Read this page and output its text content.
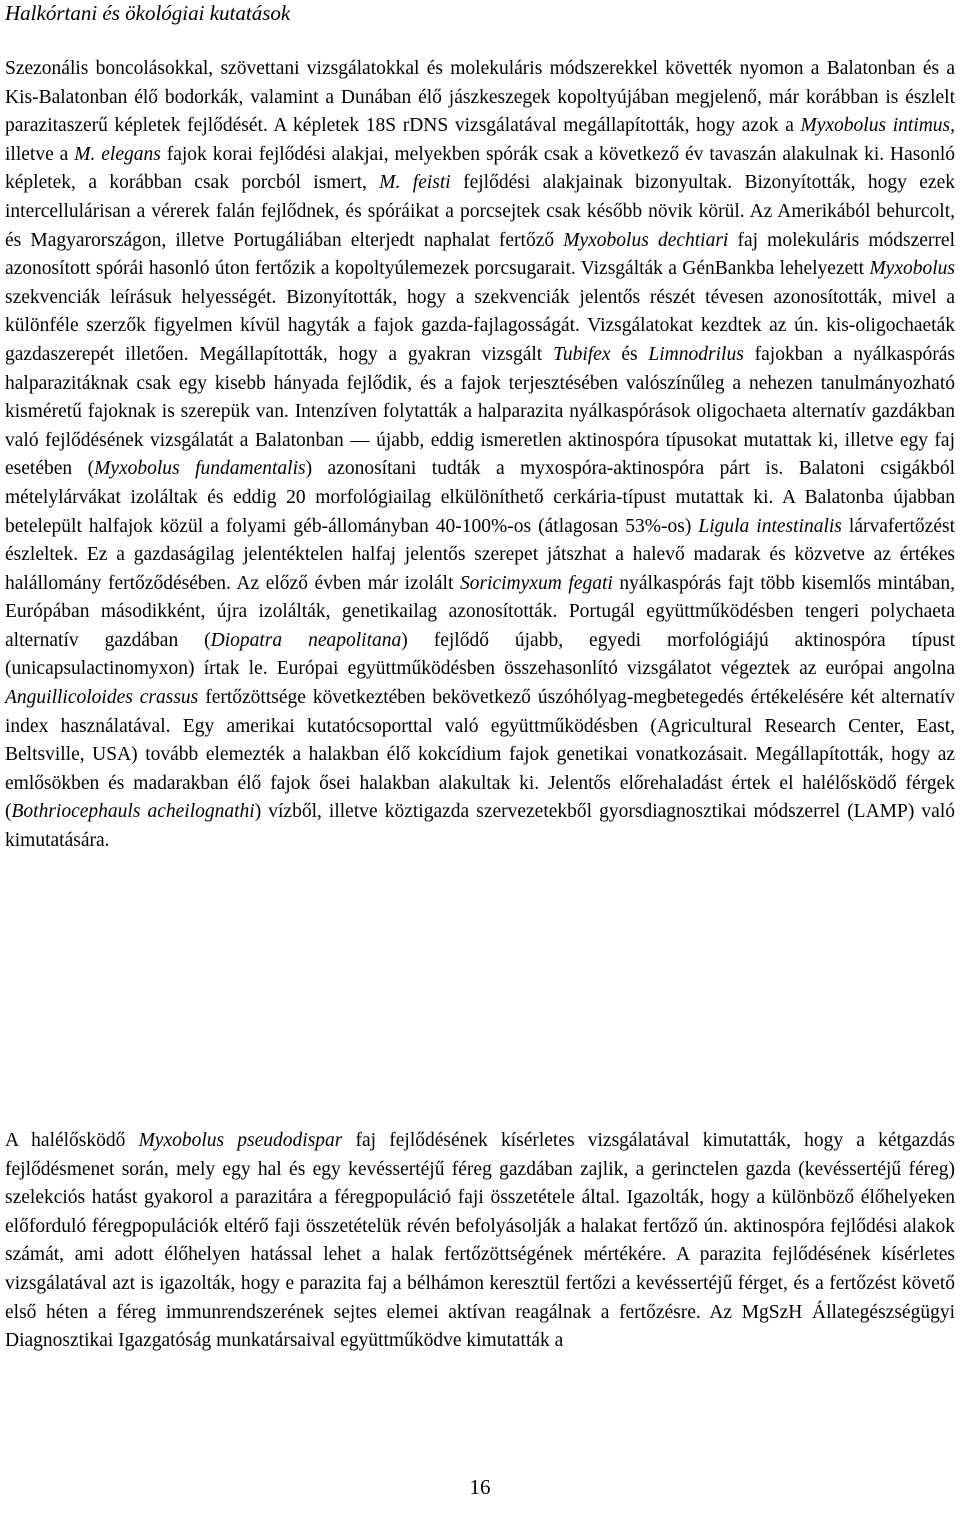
Halkórtani és ökológiai kutatások

Szezonális boncolásokkal, szövettani vizsgálatokkal és molekuláris módszerekkel követték nyomon a Balatonban és a Kis-Balatonban élő bodorkák, valamint a Dunában élő jászkeszegek kopoltyújában megjelenő, már korábban is észlelt parazitaszerű képletek fejlődését. A képletek 18S rDNS vizsgálatával megállapították, hogy azok a Myxobolus intimus, illetve a M. elegans fajok korai fejlődési alakjai, melyekben spórák csak a következő év tavaszán alakulnak ki. Hasonló képletek, a korábban csak porcból ismert, M. feisti fejlődési alakjainak bizonyultak. Bizonyították, hogy ezek intercellulárisan a vérerek falán fejlődnek, és spóráikat a porcsejtek csak később növik körül. Az Amerikából behurcolt, és Magyarországon, illetve Portugáliában elterjedt naphalat fertőző Myxobolus dechtiari faj molekuláris módszerrel azonosított spórái hasonló úton fertőzik a kopoltyúlemezek porcsugarait. Vizsgálták a GénBankba lehelyezett Myxobolus szekvenciák leírásuk helyességét. Bizonyították, hogy a szekvenciák jelentős részét tévesen azonosították, mivel a különféle szerzők figyelmen kívül hagyták a fajok gazda-fajlagosságát. Vizsgálatokat kezdtek az ún. kis-oligochaeták gazdaszerepét illetően. Megállapították, hogy a gyakran vizsgált Tubifex és Limnodrilus fajokban a nyálkaspórás halparazitáknak csak egy kisebb hányada fejlődik, és a fajok terjesztésében valószínűleg a nehezen tanulmányozható kisméretű fajoknak is szerepük van. Intenzíven folytatták a halparazita nyálkaspórások oligochaeta alternatív gazdákban való fejlődésének vizsgálatát a Balatonban — újabb, eddig ismeretlen aktinospóra típusokat mutattak ki, illetve egy faj esetében (Myxobolus fundamentalis) azonosítani tudták a myxospóra-aktinospóra párt is. Balatoni csigákból mételylárvákat izoláltak és eddig 20 morfológiailag elkülöníthető cerkária-típust mutattak ki. A Balatonba újabban betelepült halfajok közül a folyami géb-állományban 40-100%-os (átlagosan 53%-os) Ligula intestinalis lárvafertőzést észleltek. Ez a gazdaságilag jelentéktelen halfaj jelentős szerepet játszhat a halevő madarak és közvetve az értékes halállomány fertőződésében. Az előző évben már izolált Soricimyxum fegati nyálkaspórás fajt több kisemlős mintában, Európában másodikként, újra izolálták, genetikailag azonosították. Portugál együttműködésben tengeri polychaeta alternatív gazdában (Diopatra neapolitana) fejlődő újabb, egyedi morfológiájú aktinospóra típust (unicapsulactinomyxon) írtak le. Európai együttműködésben összehasonlító vizsgálatot végeztek az európai angolna Anguillicoloides crassus fertőzöttsége következtében bekövetkező úszóhólyag-megbetegedés értékelésére két alternatív index használatával. Egy amerikai kutatócsoporttal való együttműködésben (Agricultural Research Center, East, Beltsville, USA) tovább elemezték a halakban élő kokcídium fajok genetikai vonatkozásait. Megállapították, hogy az emlősökben és madarakban élő fajok ősei halakban alakultak ki. Jelentős előrehaladást értek el halélősködő férgek (Bothriocephauls acheilognathi) vízből, illetve köztigazda szervezetekből gyorsdiagnosztikai módszerrel (LAMP) való kimutatására.

A halélősködő Myxobolus pseudodispar faj fejlődésének kísérletes vizsgálatával kimutatták, hogy a kétgazdás fejlődésmenet során, mely egy hal és egy kevéssertéjű féreg gazdában zajlik, a gerinctelen gazda (kevéssertéjű féreg) szelekciós hatást gyakorol a parazitára a féregpopuláció faji összetétele által. Igazolták, hogy a különböző élőhelyeken előforduló féregpopulációk eltérő faji összetételük révén befolyásolják a halakat fertőző ún. aktinospóra fejlődési alakok számát, ami adott élőhelyen hatással lehet a halak fertőzöttségének mértékére. A parazita fejlődésének kísérletes vizsgálatával azt is igazolták, hogy e parazita faj a bélhámon keresztül fertőzi a kevéssertéjű férget, és a fertőzést követő első héten a féreg immunrendszerének sejtes elemei aktívan reagálnak a fertőzésre. Az MgSzH Állategészségügyi Diagnosztikai Igazgatóság munkatársaival együttműködve kimutatták a

16
